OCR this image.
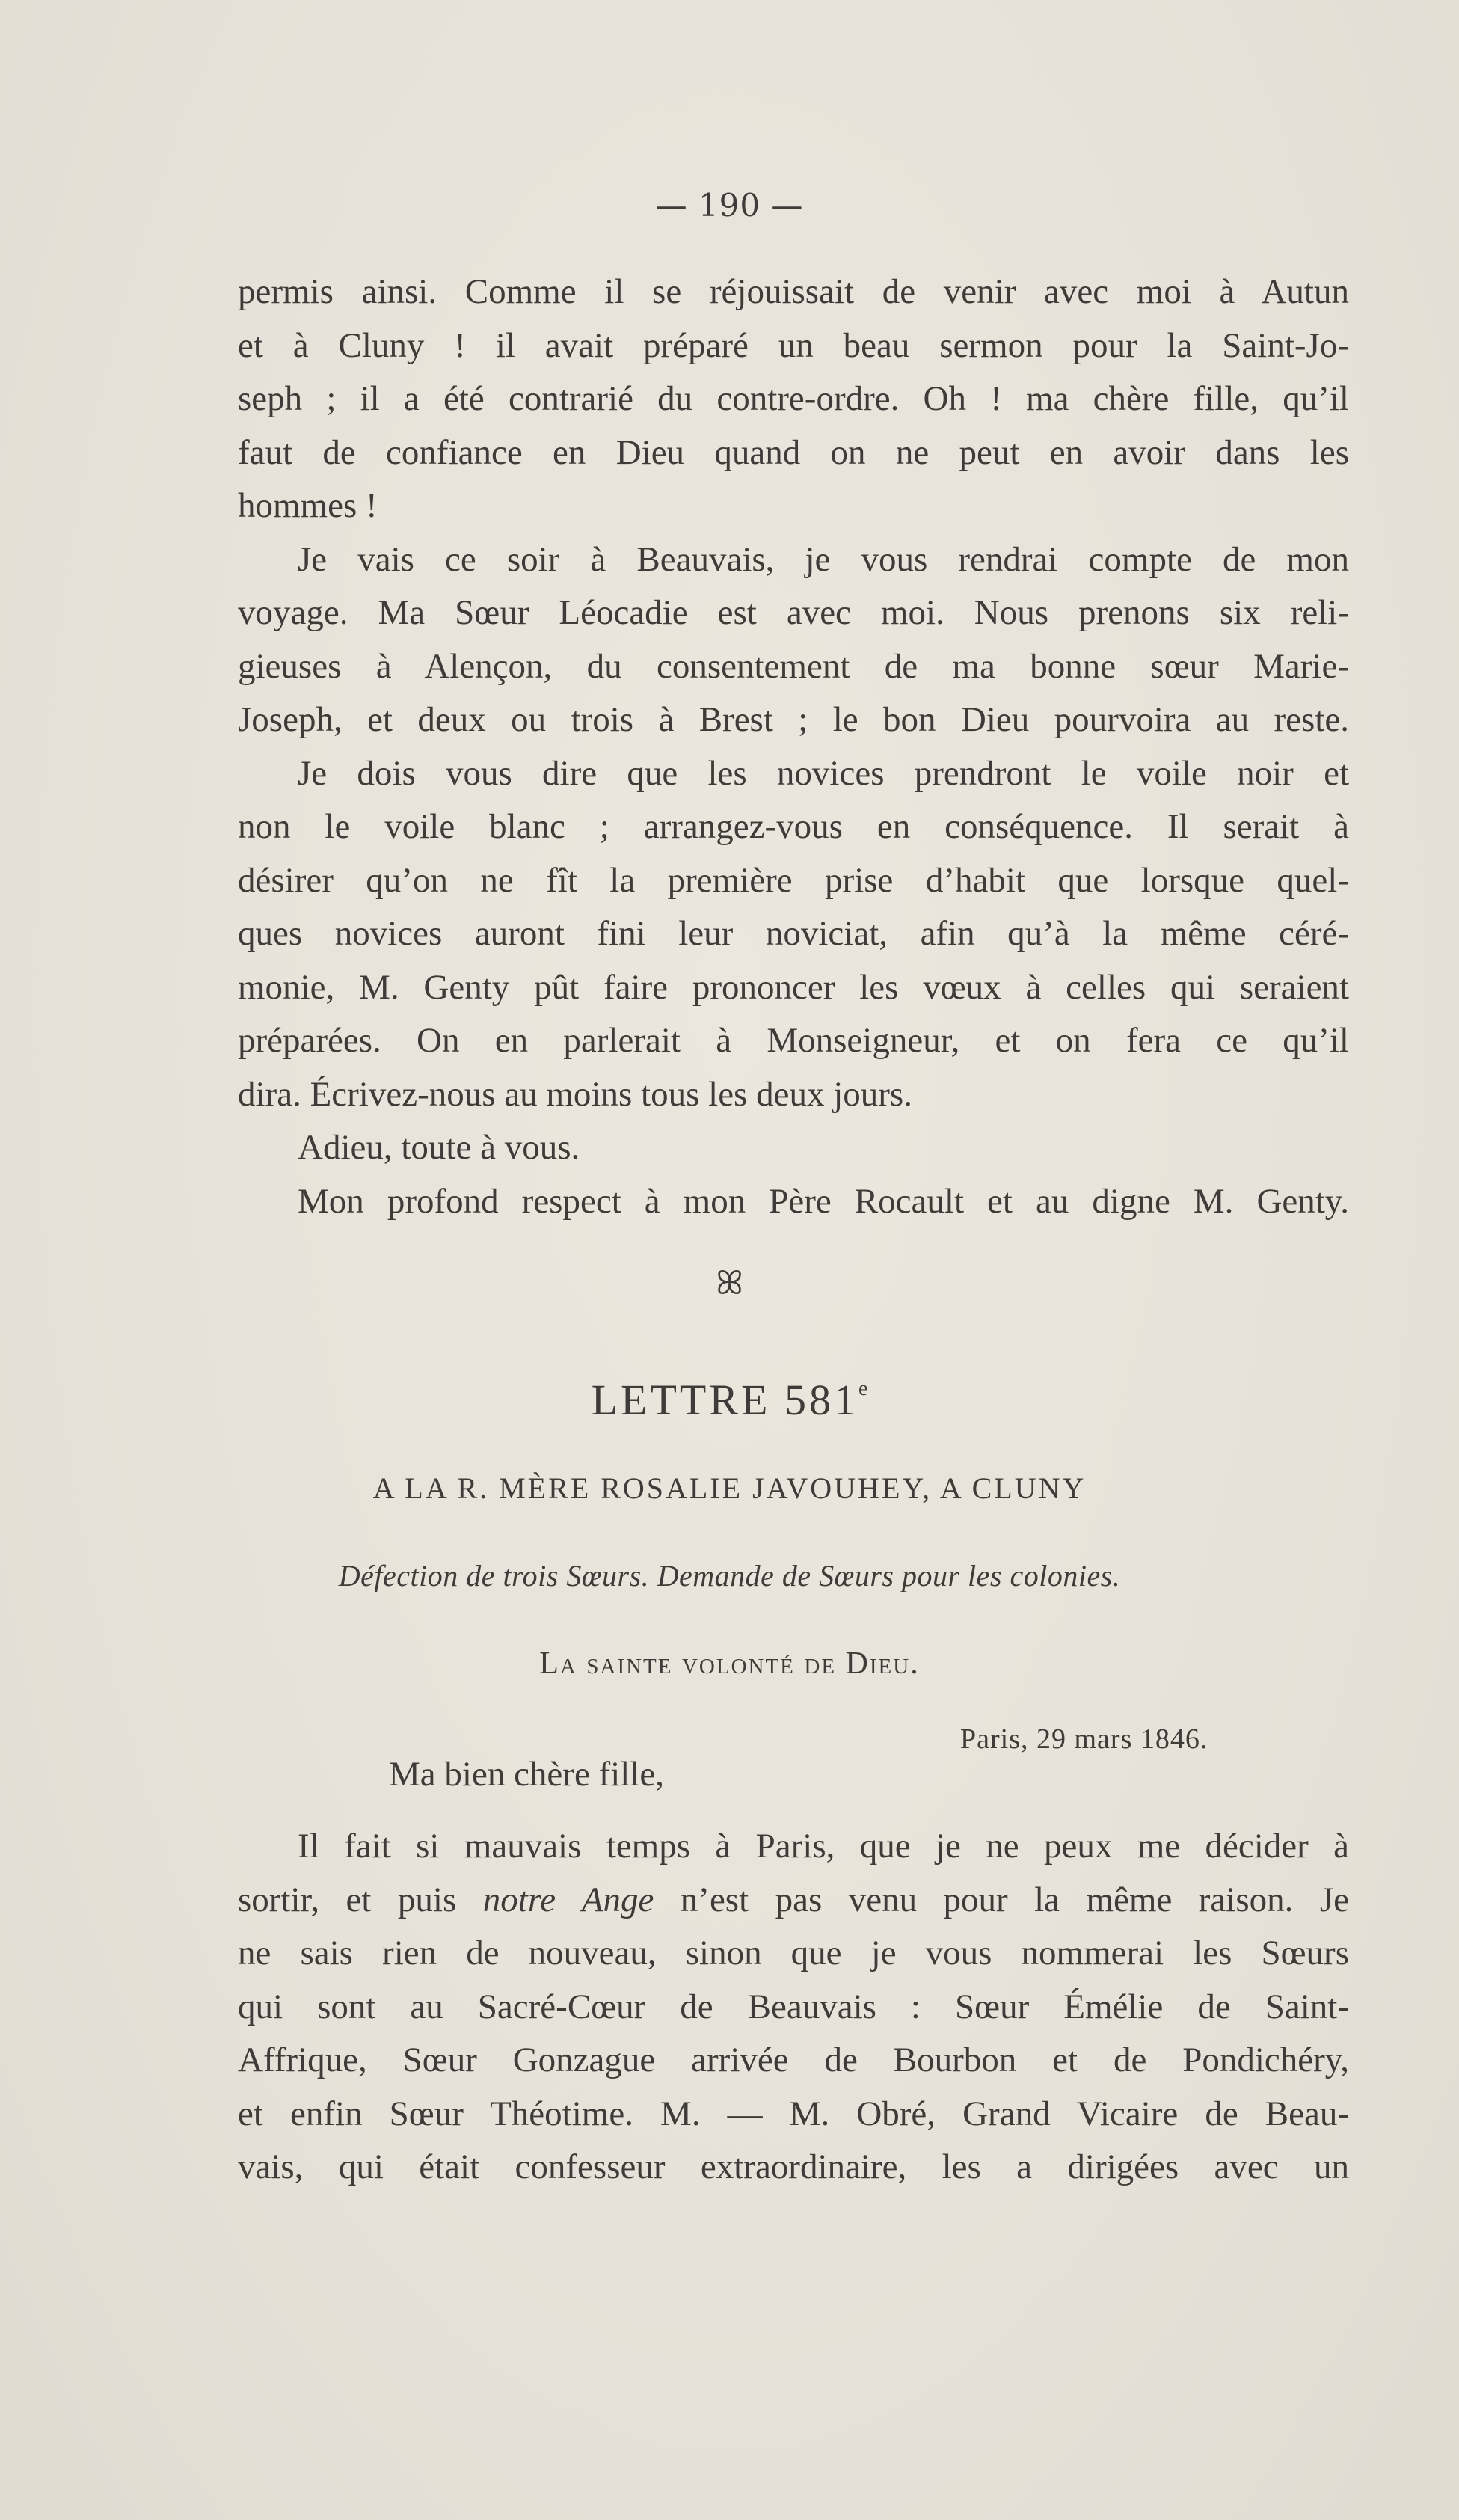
— 190 —
permis ainsi. Comme il se réjouissait de venir avec moi à Autun
et à Cluny ! il avait préparé un beau sermon pour la Saint-Jo-
seph ; il a été contrarié du contre-ordre. Oh ! ma chère fille, qu’il
faut de confiance en Dieu quand on ne peut en avoir dans les
hommes !
Je vais ce soir à Beauvais, je vous rendrai compte de mon
voyage. Ma Sœur Léocadie est avec moi. Nous prenons six reli-
gieuses à Alençon, du consentement de ma bonne sœur Marie-
Joseph, et deux ou trois à Brest ; le bon Dieu pourvoira au reste.
Je dois vous dire que les novices prendront le voile noir et
non le voile blanc ; arrangez-vous en conséquence. Il serait à
désirer qu’on ne fît la première prise d’habit que lorsque quel-
ques novices auront fini leur noviciat, afin qu’à la même céré-
monie, M. Genty pût faire prononcer les vœux à celles qui seraient
préparées. On en parlerait à Monseigneur, et on fera ce qu’il
dira. Écrivez-nous au moins tous les deux jours.
Adieu, toute à vous.
Mon profond respect à mon Père Rocault et au digne M. Genty.
ꕤ
LETTRE 581e
A LA R. MÈRE ROSALIE JAVOUHEY, A CLUNY
Défection de trois Sœurs. Demande de Sœurs pour les colonies.
La sainte volonté de Dieu.
Paris, 29 mars 1846.
Ma bien chère fille,
Il fait si mauvais temps à Paris, que je ne peux me décider à
sortir, et puis notre Ange n’est pas venu pour la même raison. Je
ne sais rien de nouveau, sinon que je vous nommerai les Sœurs
qui sont au Sacré-Cœur de Beauvais : Sœur Émélie de Saint-
Affrique, Sœur Gonzague arrivée de Bourbon et de Pondichéry,
et enfin Sœur Théotime. M. — M. Obré, Grand Vicaire de Beau-
vais, qui était confesseur extraordinaire, les a dirigées avec un
